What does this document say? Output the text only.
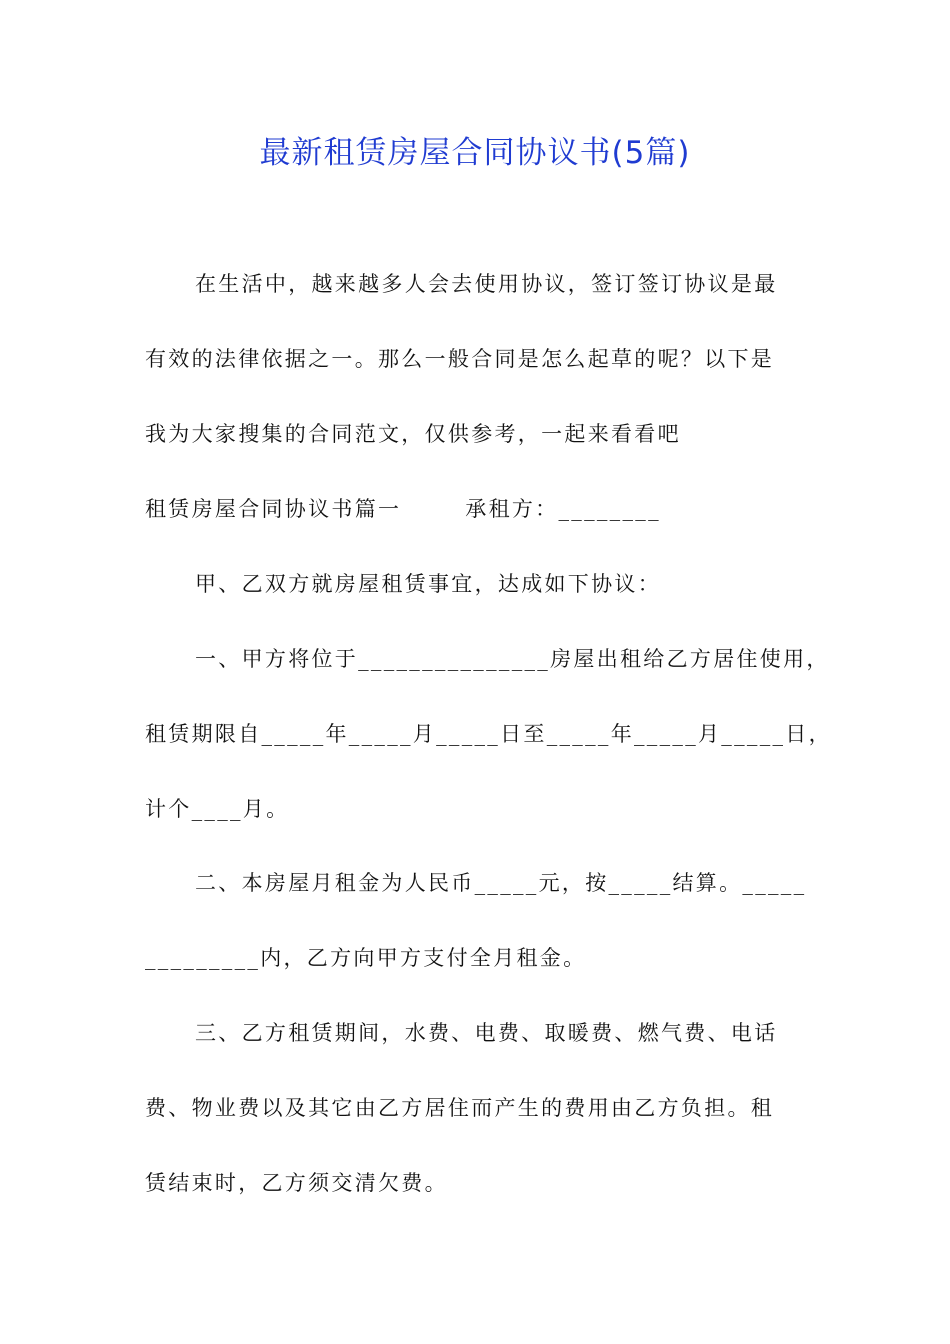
最新租赁房屋合同协议书(5篇)
在生活中，越来越多人会去使用协议，签订签订协议是最
有效的法律依据之一。那么一般合同是怎么起草的呢？以下是
我为大家搜集的合同范文，仅供参考，一起来看看吧
租赁房屋合同协议书篇一	承租方：________
甲、乙双方就房屋租赁事宜，达成如下协议：
一、甲方将位于_______________房屋出租给乙方居住使用，
租赁期限自_____年_____月_____日至_____年_____月_____日，
计个____月。
二、本房屋月租金为人民币_____元，按_____结算。_____
_________内，乙方向甲方支付全月租金。
三、乙方租赁期间，水费、电费、取暖费、燃气费、电话
费、物业费以及其它由乙方居住而产生的费用由乙方负担。租
赁结束时，乙方须交清欠费。
